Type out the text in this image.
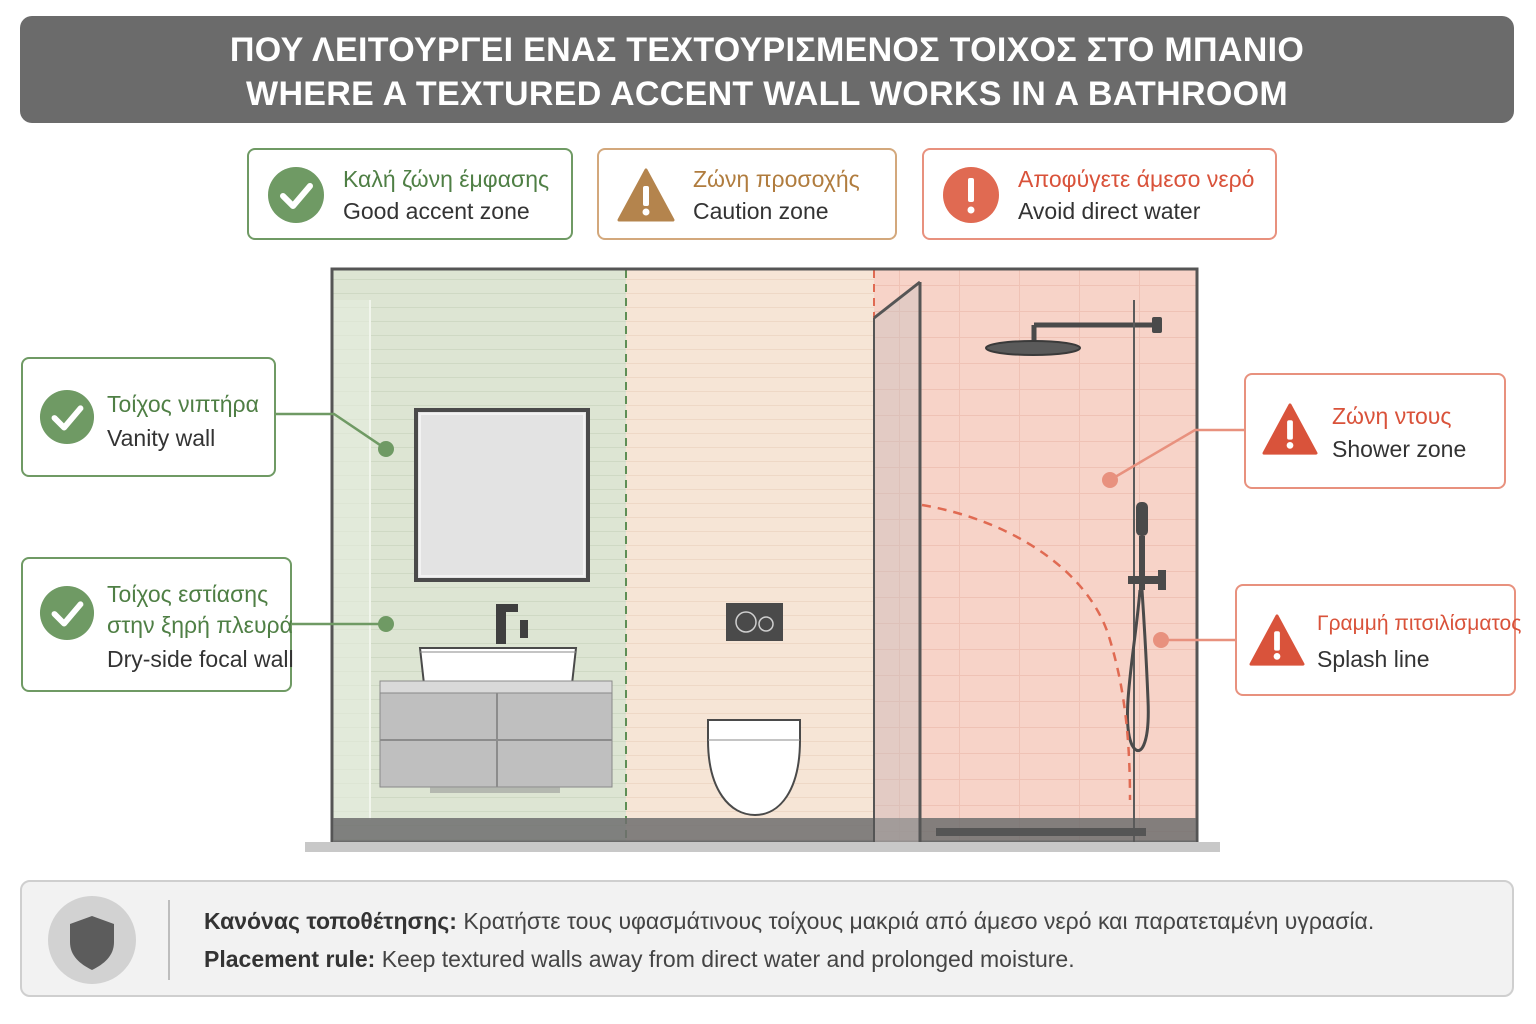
ΠΟΥ ΛΕΙΤΟΥΡΓΕΙ ΕΝΑΣ ΤΕΧΤΟΥΡΙΣΜΕΝΟΣ ΤΟΙΧΟΣ ΣΤΟ ΜΠΑΝΙΟ
WHERE A TEXTURED ACCENT WALL WORKS IN A BATHROOM
Καλή ζώνη έμφασης
Good accent zone
Ζώνη προσοχής
Caution zone
Αποφύγετε άμεσο νερό
Avoid direct water
Τοίχος νιπτήρα
Vanity wall
Τοίχος εστίασης
στην ξηρή πλευρά
Dry-side focal wall
Ζώνη ντους
Shower zone
Γραμμή πιτσιλίσματος
Splash line
Κανόνας τοποθέτησης: Κρατήστε τους υφασμάτινους τοίχους μακριά από άμεσο νερό και παρατεταμένη υγρασία.
Placement rule: Keep textured walls away from direct water and prolonged moisture.
